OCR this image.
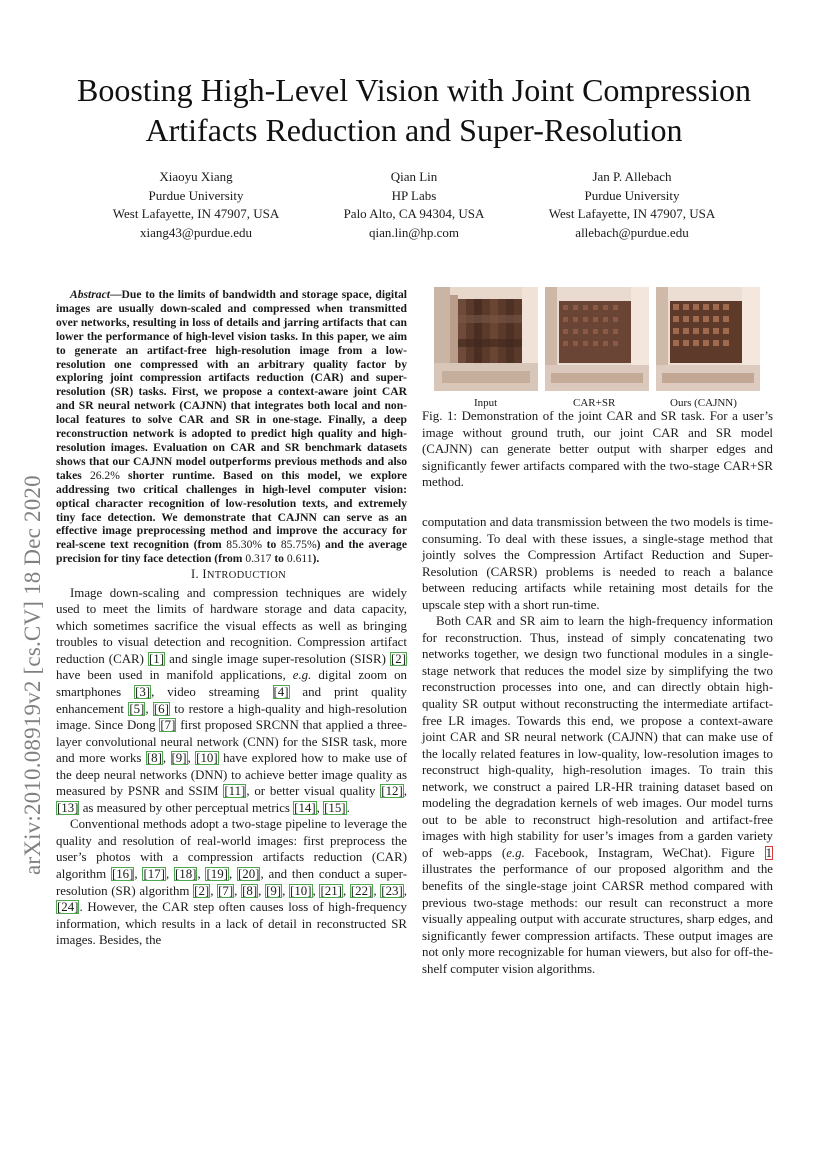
Boosting High-Level Vision with Joint Compression
Artifacts Reduction and Super-Resolution
Xiaoyu Xiang
Purdue University
West Lafayette, IN 47907, USA
xiang43@purdue.edu
Qian Lin
HP Labs
Palo Alto, CA 94304, USA
qian.lin@hp.com
Jan P. Allebach
Purdue University
West Lafayette, IN 47907, USA
allebach@purdue.edu
arXiv:2010.08919v2 [cs.CV] 18 Dec 2020

Abstract—Due to the limits of bandwidth and storage space, digital images are usually down-scaled and compressed when transmitted over networks, resulting in loss of details and jarring artifacts that can lower the performance of high-level vision tasks. In this paper, we aim to generate an artifact-free high-resolution image from a low-resolution one compressed with an arbitrary quality factor by exploring joint compression artifacts reduction (CAR) and super-resolution (SR) tasks. First, we propose a context-aware joint CAR and SR neural network (CAJNN) that integrates both local and non-local features to solve CAR and SR in one-stage. Finally, a deep reconstruction network is adopted to predict high quality and high-resolution images. Evaluation on CAR and SR benchmark datasets shows that our CAJNN model outperforms previous methods and also takes 26.2% shorter runtime. Based on this model, we explore addressing two critical challenges in high-level computer vision: optical character recognition of low-resolution texts, and extremely tiny face detection. We demonstrate that CAJNN can serve as an effective image preprocessing method and improve the accuracy for real-scene text recognition (from 85.30% to 85.75%) and the average precision for tiny face detection (from 0.317 to 0.611).

I. INTRODUCTION

Image down-scaling and compression techniques are widely used to meet the limits of hardware storage and data capacity, which sometimes sacrifice the visual effects as well as bringing troubles to visual detection and recognition. Compression artifact reduction (CAR) [1] and single image super-resolution (SISR) [2] have been used in manifold applications, e.g. digital zoom on smartphones [3], video streaming [4] and print quality enhancement [5], [6] to restore a high-quality and high-resolution image. Since Dong [7] first proposed SRCNN that applied a three-layer convolutional neural network (CNN) for the SISR task, more and more works [8], [9], [10] have explored how to make use of the deep neural networks (DNN) to achieve better image quality as measured by PSNR and SSIM [11], or better visual quality [12], [13] as measured by other perceptual metrics [14], [15].

Conventional methods adopt a two-stage pipeline to leverage the quality and resolution of real-world images: first preprocess the user’s photos with a compression artifacts reduction (CAR) algorithm [16], [17], [18], [19], [20], and then conduct a super-resolution (SR) algorithm [2], [7], [8], [9], [10], [21], [22], [23], [24]. However, the CAR step often causes loss of high-frequency information, which results in a lack of detail in reconstructed SR images. Besides, the

Input	CAR+SR	Ours (CAJNN)
Fig. 1: Demonstration of the joint CAR and SR task. For a user’s image without ground truth, our joint CAR and SR model (CAJNN) can generate better output with sharper edges and significantly fewer artifacts compared with the two-stage CAR+SR method.

computation and data transmission between the two models is time-consuming. To deal with these issues, a single-stage method that jointly solves the Compression Artifact Reduction and Super-Resolution (CARSR) problems is needed to reach a balance between reducing artifacts while retaining most details for the upscale step with a short run-time.

Both CAR and SR aim to learn the high-frequency information for reconstruction. Thus, instead of simply concatenating two networks together, we design two functional modules in a single-stage network that reduces the model size by simplifying the two reconstruction processes into one, and can directly obtain high-quality SR output without reconstructing the intermediate artifact-free LR images. Towards this end, we propose a context-aware joint CAR and SR neural network (CAJNN) that can make use of the locally related features in low-quality, low-resolution images to reconstruct high-quality, high-resolution images. To train this network, we construct a paired LR-HR training dataset based on modeling the degradation kernels of web images. Our model turns out to be able to reconstruct high-resolution and artifact-free images with high stability for user’s images from a garden variety of web-apps (e.g. Facebook, Instagram, WeChat). Figure 1 illustrates the performance of our proposed algorithm and the benefits of the single-stage joint CARSR method compared with previous two-stage methods: our result can reconstruct a more visually appealing output with accurate structures, sharp edges, and significantly fewer compression artifacts. These output images are not only more recognizable for human viewers, but also for off-the-shelf computer vision algorithms.
